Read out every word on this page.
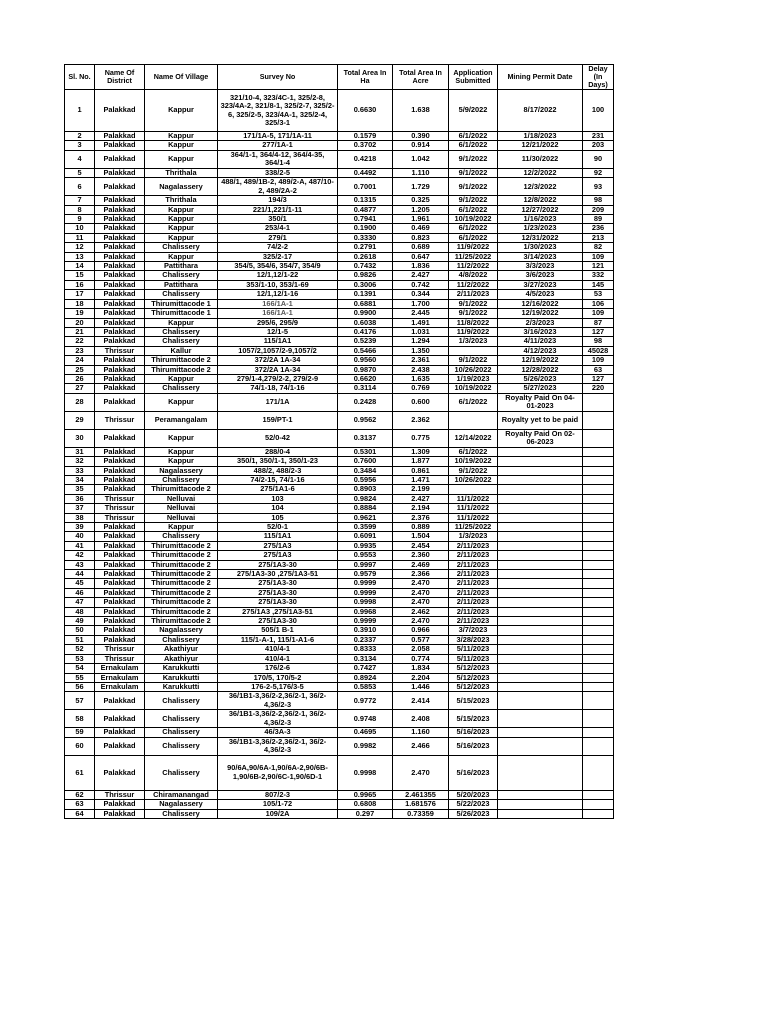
Sl. No.	Name Of District	Name Of Village	Survey No	Total Area In Ha	Total Area In Acre	Application Submitted	Mining Permit Date	Delay (In Days)
1	Palakkad	Kappur	321/10-4, 323/4C-1, 325/2-8, 323/4A-2, 321/8-1, 325/2-7, 325/2-6, 325/2-5, 323/4A-1, 325/2-4, 325/3-1	0.6630	1.638	5/9/2022	8/17/2022	100
2	Palakkad	Kappur	171/1A-5, 171/1A-11	0.1579	0.390	6/1/2022	1/18/2023	231
3	Palakkad	Kappur	277/1A-1	0.3702	0.914	6/1/2022	12/21/2022	203
4	Palakkad	Kappur	364/1-1, 364/4-12, 364/4-35, 364/1-4	0.4218	1.042	9/1/2022	11/30/2022	90
5	Palakkad	Thrithala	338/2-5	0.4492	1.110	9/1/2022	12/2/2022	92
6	Palakkad	Nagalassery	488/1, 489/1B-2, 489/2-A, 487/10-2, 489/2A-2	0.7001	1.729	9/1/2022	12/3/2022	93
7	Palakkad	Thrithala	194/3	0.1315	0.325	9/1/2022	12/8/2022	98
8	Palakkad	Kappur	221/1,221/1-11	0.4877	1.205	6/1/2022	12/27/2022	209
9	Palakkad	Kappur	350/1	0.7941	1.961	10/19/2022	1/16/2023	89
10	Palakkad	Kappur	253/4-1	0.1900	0.469	6/1/2022	1/23/2023	236
11	Palakkad	Kappur	279/1	0.3330	0.823	6/1/2022	12/31/2022	213
12	Palakkad	Chalissery	74/2-2	0.2791	0.689	11/9/2022	1/30/2023	82
13	Palakkad	Kappur	325/2-17	0.2618	0.647	11/25/2022	3/14/2023	109
14	Palakkad	Pattithara	354/5, 354/6, 354/7, 354/9	0.7432	1.836	11/2/2022	3/3/2023	121
15	Palakkad	Chalissery	12/1,12/1-22	0.9826	2.427	4/8/2022	3/6/2023	332
16	Palakkad	Pattithara	353/1-10, 353/1-69	0.3006	0.742	11/2/2022	3/27/2023	145
17	Palakkad	Chalissery	12/1,12/1-16	0.1391	0.344	2/11/2023	4/5/2023	53
18	Palakkad	Thirumittacode 1	166/1A-1	0.6881	1.700	9/1/2022	12/16/2022	106
19	Palakkad	Thirumittacode 1	166/1A-1	0.9900	2.445	9/1/2022	12/19/2022	109
20	Palakkad	Kappur	295/6, 295/9	0.6038	1.491	11/8/2022	2/3/2023	87
21	Palakkad	Chalissery	12/1-5	0.4176	1.031	11/9/2022	3/16/2023	127
22	Palakkad	Chalissery	115/1A1	0.5239	1.294	1/3/2023	4/11/2023	98
23	Thrissur	Kallur	1057/2,1057/2-9,1057/2	0.5466	1.350		4/12/2023	45028
24	Palakkad	Thirumittacode 2	372/2A 1A-34	0.9560	2.361	9/1/2022	12/19/2022	109
25	Palakkad	Thirumittacode 2	372/2A 1A-34	0.9870	2.438	10/26/2022	12/28/2022	63
26	Palakkad	Kappur	279/1-4,279/2-2, 279/2-9	0.6620	1.635	1/19/2023	5/26/2023	127
27	Palakkad	Chalissery	74/1-18, 74/1-16	0.3114	0.769	10/19/2022	5/27/2023	220
28	Palakkad	Kappur	171/1A	0.2428	0.600	6/1/2022	Royalty Paid On 04-01-2023	
29	Thrissur	Peramangalam	159/PT-1	0.9562	2.362		Royalty yet to be paid	
30	Palakkad	Kappur	52/0-42	0.3137	0.775	12/14/2022	Royalty Paid On 02-06-2023	
31	Palakkad	Kappur	288/0-4	0.5301	1.309	6/1/2022		
32	Palakkad	Kappur	350/1, 350/1-1, 350/1-23	0.7600	1.877	10/19/2022		
33	Palakkad	Nagalassery	488/2, 488/2-3	0.3484	0.861	9/1/2022		
34	Palakkad	Chalissery	74/2-15, 74/1-16	0.5956	1.471	10/26/2022		
35	Palakkad	Thirumittacode 2	275/1A1-6	0.8903	2.199			
36	Thrissur	Nelluvai	103	0.9824	2.427	11/1/2022		
37	Thrissur	Nelluvai	104	0.8884	2.194	11/1/2022		
38	Thrissur	Nelluvai	105	0.9621	2.376	11/1/2022		
39	Palakkad	Kappur	52/0-1	0.3599	0.889	11/25/2022		
40	Palakkad	Chalissery	115/1A1	0.6091	1.504	1/3/2023		
41	Palakkad	Thirumittacode 2	275/1A3	0.9935	2.454	2/11/2023		
42	Palakkad	Thirumittacode 2	275/1A3	0.9553	2.360	2/11/2023		
43	Palakkad	Thirumittacode 2	275/1A3-30	0.9997	2.469	2/11/2023		
44	Palakkad	Thirumittacode 2	275/1A3-30 ,275/1A3-51	0.9579	2.366	2/11/2023		
45	Palakkad	Thirumittacode 2	275/1A3-30	0.9999	2.470	2/11/2023		
46	Palakkad	Thirumittacode 2	275/1A3-30	0.9999	2.470	2/11/2023		
47	Palakkad	Thirumittacode 2	275/1A3-30	0.9998	2.470	2/11/2023		
48	Palakkad	Thirumittacode 2	275/1A3 ,275/1A3-51	0.9968	2.462	2/11/2023		
49	Palakkad	Thirumittacode 2	275/1A3-30	0.9999	2.470	2/11/2023		
50	Palakkad	Nagalassery	505/1 B-1	0.3910	0.966	3/7/2023		
51	Palakkad	Chalissery	115/1-A-1, 115/1-A1-6	0.2337	0.577	3/28/2023		
52	Thrissur	Akathiyur	410/4-1	0.8333	2.058	5/11/2023		
53	Thrissur	Akathiyur	410/4-1	0.3134	0.774	5/11/2023		
54	Ernakulam	Karukkutti	176/2-6	0.7427	1.834	5/12/2023		
55	Ernakulam	Karukkutti	170/5, 170/5-2	0.8924	2.204	5/12/2023		
56	Ernakulam	Karukkutti	176-2-5,176/3-5	0.5853	1.446	5/12/2023		
57	Palakkad	Chalissery	36/1B1-3,36/2-2,36/2-1, 36/2-4,36/2-3	0.9772	2.414	5/15/2023		
58	Palakkad	Chalissery	36/1B1-3,36/2-2,36/2-1, 36/2-4,36/2-3	0.9748	2.408	5/15/2023		
59	Palakkad	Chalissery	46/3A-3	0.4695	1.160	5/16/2023		
60	Palakkad	Chalissery	36/1B1-3,36/2-2,36/2-1, 36/2-4,36/2-3	0.9982	2.466	5/16/2023		
61	Palakkad	Chalissery	90/6A,90/6A-1,90/6A-2,90/6B-1,90/6B-2,90/6C-1,90/6D-1	0.9998	2.470	5/16/2023		
62	Thrissur	Chiramanangad	807/2-3	0.9965	2.461355	5/20/2023		
63	Palakkad	Nagalassery	105/1-72	0.6808	1.681576	5/22/2023		
64	Palakkad	Chalissery	109/2A	0.297	0.73359	5/26/2023		
